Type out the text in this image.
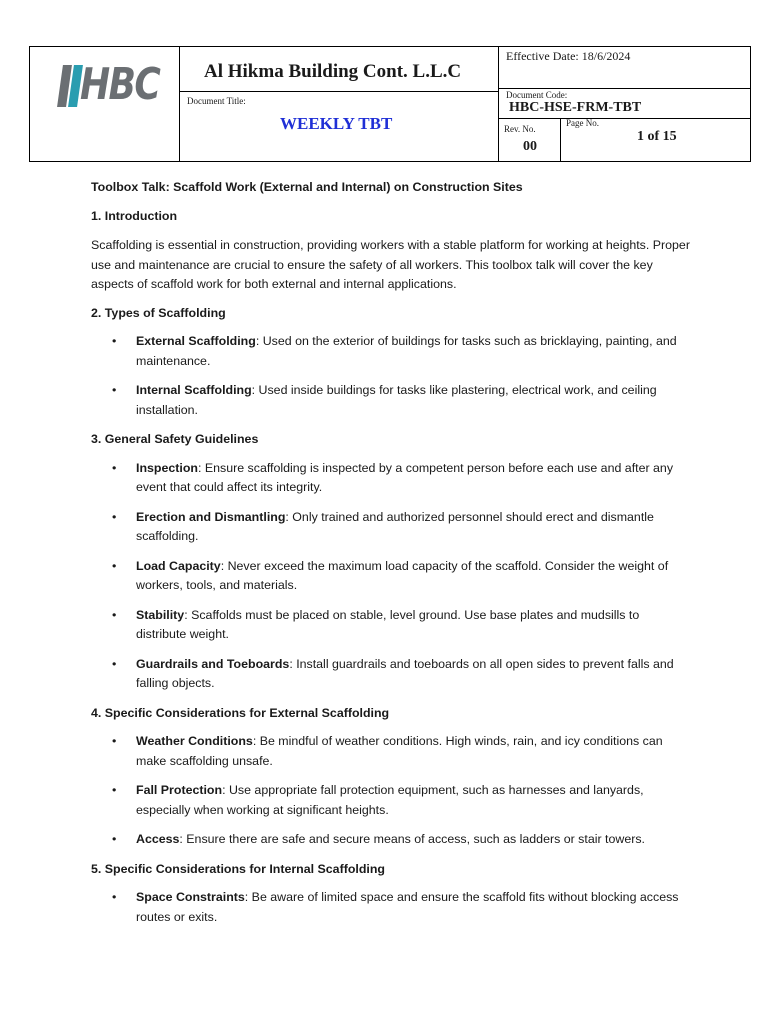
HBC Al Hikma Building Cont. L.L.C
Document Title:
WEEKLY TBT
Effective Date: 18/6/2024
Document Code:
HBC-HSE-FRM-TBT
Rev. No.
00
Page No.
1 of 15

Toolbox Talk: Scaffold Work (External and Internal) on Construction Sites

1. Introduction

Scaffolding is essential in construction, providing workers with a stable platform for working at heights. Proper use and maintenance are crucial to ensure the safety of all workers. This toolbox talk will cover the key aspects of scaffold work for both external and internal applications.

2. Types of Scaffolding

• External Scaffolding: Used on the exterior of buildings for tasks such as bricklaying, painting, and maintenance.
• Internal Scaffolding: Used inside buildings for tasks like plastering, electrical work, and ceiling installation.

3. General Safety Guidelines

• Inspection: Ensure scaffolding is inspected by a competent person before each use and after any event that could affect its integrity.
• Erection and Dismantling: Only trained and authorized personnel should erect and dismantle scaffolding.
• Load Capacity: Never exceed the maximum load capacity of the scaffold. Consider the weight of workers, tools, and materials.
• Stability: Scaffolds must be placed on stable, level ground. Use base plates and mudsills to distribute weight.
• Guardrails and Toeboards: Install guardrails and toeboards on all open sides to prevent falls and falling objects.

4. Specific Considerations for External Scaffolding

• Weather Conditions: Be mindful of weather conditions. High winds, rain, and icy conditions can make scaffolding unsafe.
• Fall Protection: Use appropriate fall protection equipment, such as harnesses and lanyards, especially when working at significant heights.
• Access: Ensure there are safe and secure means of access, such as ladders or stair towers.

5. Specific Considerations for Internal Scaffolding

• Space Constraints: Be aware of limited space and ensure the scaffold fits without blocking access routes or exits.
